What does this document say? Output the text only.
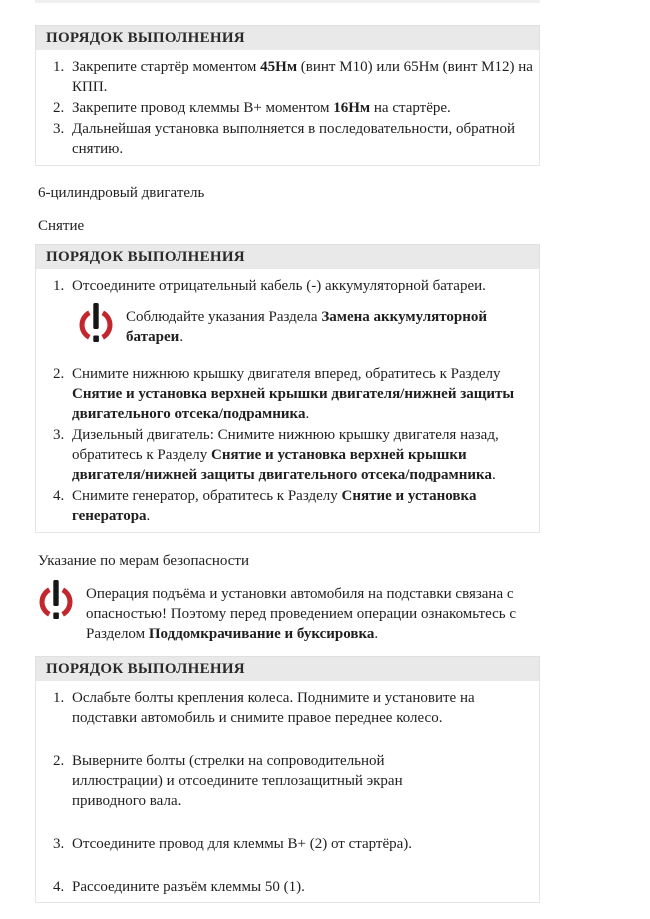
ПОРЯДОК ВЫПОЛНЕНИЯ
1. Закрепите стартёр моментом 45Нм (винт М10) или 65Нм (винт М12) на КПП.
2. Закрепите провод клеммы В+ моментом 16Нм на стартёре.
3. Дальнейшая установка выполняется в последовательности, обратной снятию.
6-цилиндровый двигатель
Снятие
ПОРЯДОК ВЫПОЛНЕНИЯ
1. Отсоедините отрицательный кабель (-) аккумуляторной батареи.
Соблюдайте указания Раздела Замена аккумуляторной батареи.
2. Снимите нижнюю крышку двигателя вперед, обратитесь к Разделу Снятие и установка верхней крышки двигателя/нижней защиты двигательного отсека/подрамника.
3. Дизельный двигатель: Снимите нижнюю крышку двигателя назад, обратитесь к Разделу Снятие и установка верхней крышки двигателя/нижней защиты двигательного отсека/подрамника.
4. Снимите генератор, обратитесь к Разделу Снятие и установка генератора.
Указание по мерам безопасности
Операция подъёма и установки автомобиля на подставки связана с опасностью! Поэтому перед проведением операции ознакомьтесь с Разделом Поддомкрачивание и буксировка.
ПОРЯДОК ВЫПОЛНЕНИЯ
1. Ослабьте болты крепления колеса. Поднимите и установите на подставки автомобиль и снимите правое переднее колесо.
2. Выверните болты (стрелки на сопроводительной иллюстрации) и отсоедините теплозащитный экран приводного вала.
3. Отсоедините провод для клеммы В+ (2) от стартёра).
4. Рассоедините разъём клеммы 50 (1).
